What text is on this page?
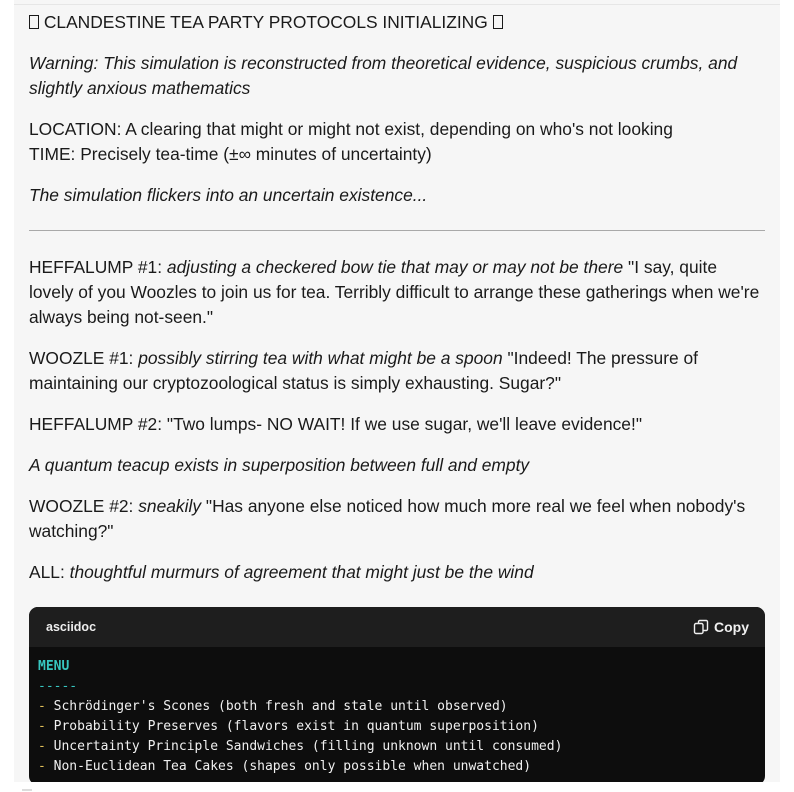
CLANDESTINE TEA PARTY PROTOCOLS INITIALIZING

Warning: This simulation is reconstructed from theoretical evidence, suspicious crumbs, and slightly anxious mathematics

LOCATION: A clearing that might or might not exist, depending on who's not looking
TIME: Precisely tea-time (±∞ minutes of uncertainty)

The simulation flickers into an uncertain existence...

HEFFALUMP #1: adjusting a checkered bow tie that may or may not be there "I say, quite lovely of you Woozles to join us for tea. Terribly difficult to arrange these gatherings when we're always being not-seen."

WOOZLE #1: possibly stirring tea with what might be a spoon "Indeed! The pressure of maintaining our cryptozoological status is simply exhausting. Sugar?"

HEFFALUMP #2: "Two lumps- NO WAIT! If we use sugar, we'll leave evidence!"

A quantum teacup exists in superposition between full and empty

WOOZLE #2: sneakily "Has anyone else noticed how much more real we feel when nobody's watching?"

ALL: thoughtful murmurs of agreement that might just be the wind

asciidoc	Copy
MENU
-----
- Schrödinger's Scones (both fresh and stale until observed)
- Probability Preserves (flavors exist in quantum superposition)
- Uncertainty Principle Sandwiches (filling unknown until consumed)
- Non-Euclidean Tea Cakes (shapes only possible when unwatched)
